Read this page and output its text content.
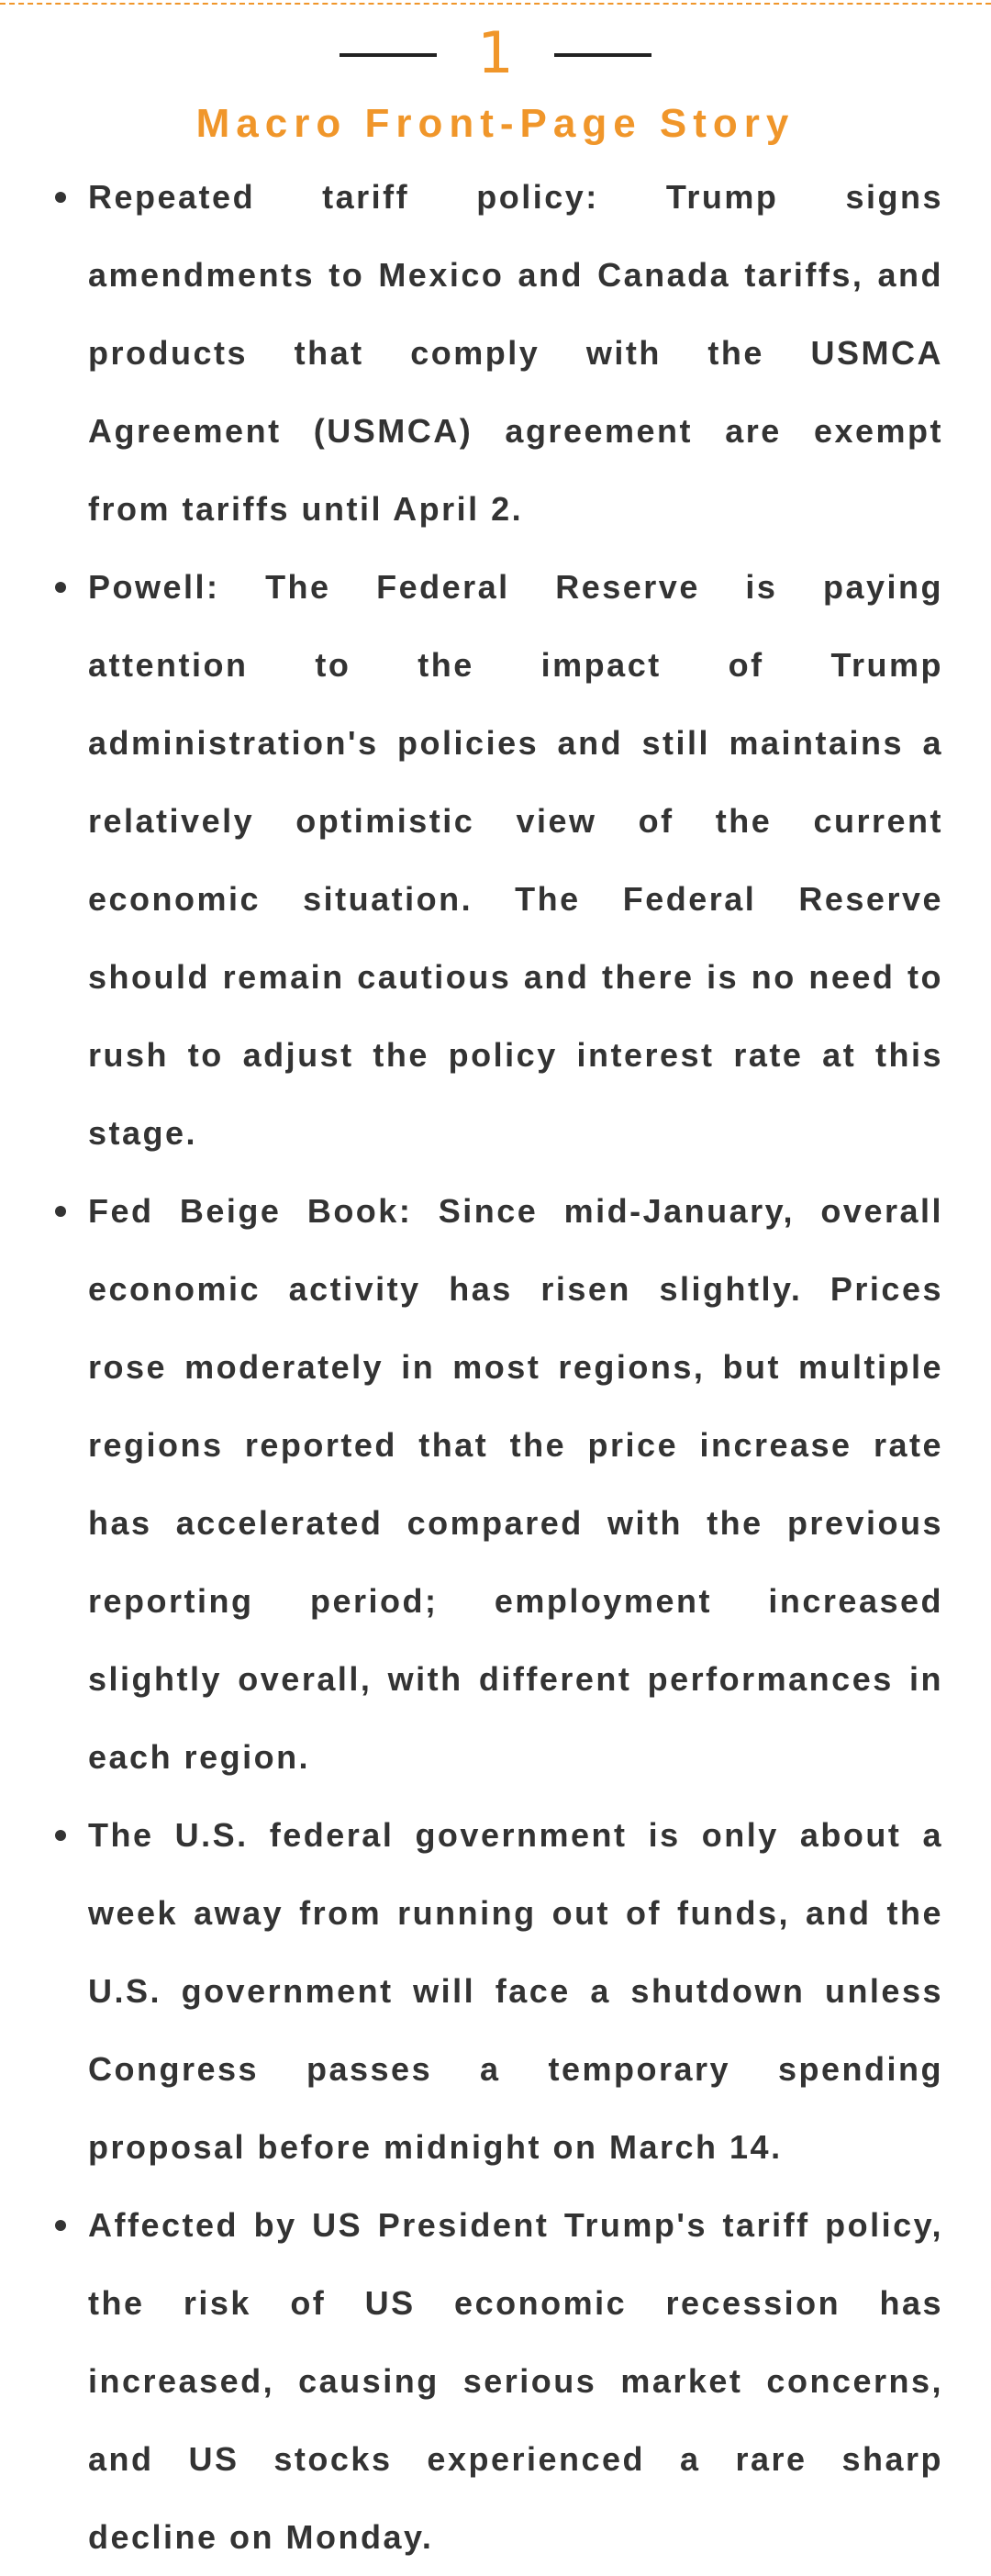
1
Macro Front-Page Story
Repeated tariff policy: Trump signs amendments to Mexico and Canada tariffs, and products that comply with the USMCA Agreement (USMCA) agreement are exempt from tariffs until April 2.
Powell: The Federal Reserve is paying attention to the impact of Trump administration's policies and still maintains a relatively optimistic view of the current economic situation. The Federal Reserve should remain cautious and there is no need to rush to adjust the policy interest rate at this stage.
Fed Beige Book: Since mid-January, overall economic activity has risen slightly. Prices rose moderately in most regions, but multiple regions reported that the price increase rate has accelerated compared with the previous reporting period; employment increased slightly overall, with different performances in each region.
The U.S. federal government is only about a week away from running out of funds, and the U.S. government will face a shutdown unless Congress passes a temporary spending proposal before midnight on March 14.
Affected by US President Trump's tariff policy, the risk of US economic recession has increased, causing serious market concerns, and US stocks experienced a rare sharp decline on Monday.
